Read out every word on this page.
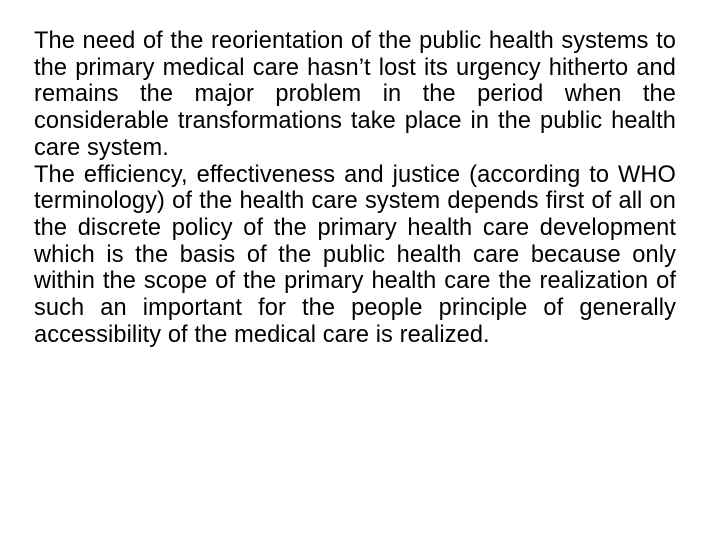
The need of the reorientation of the public health systems to the primary medical care hasn’t lost its urgency hitherto and remains the major problem in the period when the considerable transformations take place in the public health care system.

The efficiency, effectiveness and justice (according to WHO terminology) of the health care system depends first of all on the discrete policy of the primary health care development which is the basis of the public health care because only within the scope of the primary health care the realization of such an important for the people principle of generally accessibility of the medical care is realized.
